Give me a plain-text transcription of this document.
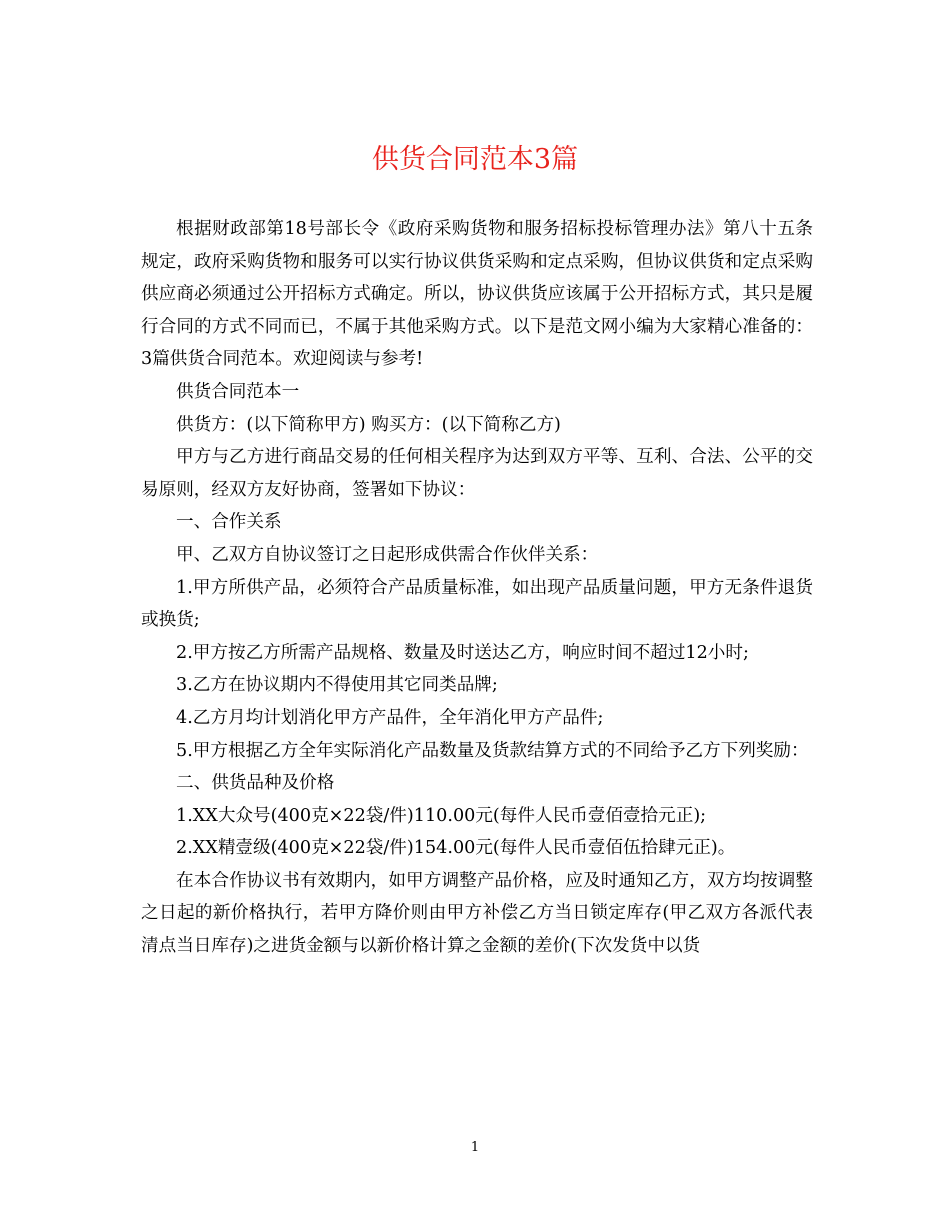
供货合同范本3篇

根据财政部第18号部长令《政府采购货物和服务招标投标管理办法》第八十五条规定，政府采购货物和服务可以实行协议供货采购和定点采购，但协议供货和定点采购供应商必须通过公开招标方式确定。所以，协议供货应该属于公开招标方式，其只是履行合同的方式不同而已，不属于其他采购方式。以下是范文网小编为大家精心准备的：3篇供货合同范本。欢迎阅读与参考!

供货合同范本一

供货方：(以下简称甲方) 购买方：(以下简称乙方)

甲方与乙方进行商品交易的任何相关程序为达到双方平等、互利、合法、公平的交易原则，经双方友好协商，签署如下协议：

一、合作关系

甲、乙双方自协议签订之日起形成供需合作伙伴关系：

1.甲方所供产品，必须符合产品质量标准，如出现产品质量问题，甲方无条件退货或换货;

2.甲方按乙方所需产品规格、数量及时送达乙方，响应时间不超过12小时;

3.乙方在协议期内不得使用其它同类品牌;

4.乙方月均计划消化甲方产品件，全年消化甲方产品件;

5.甲方根据乙方全年实际消化产品数量及货款结算方式的不同给予乙方下列奖励：

二、供货品种及价格

1.XX大众号(400克×22袋/件)110.00元(每件人民币壹佰壹拾元正);

2.XX精壹级(400克×22袋/件)154.00元(每件人民币壹佰伍拾肆元正)。

在本合作协议书有效期内，如甲方调整产品价格，应及时通知乙方，双方均按调整之日起的新价格执行，若甲方降价则由甲方补偿乙方当日锁定库存(甲乙双方各派代表清点当日库存)之进货金额与以新价格计算之金额的差价(下次发货中以货

1
